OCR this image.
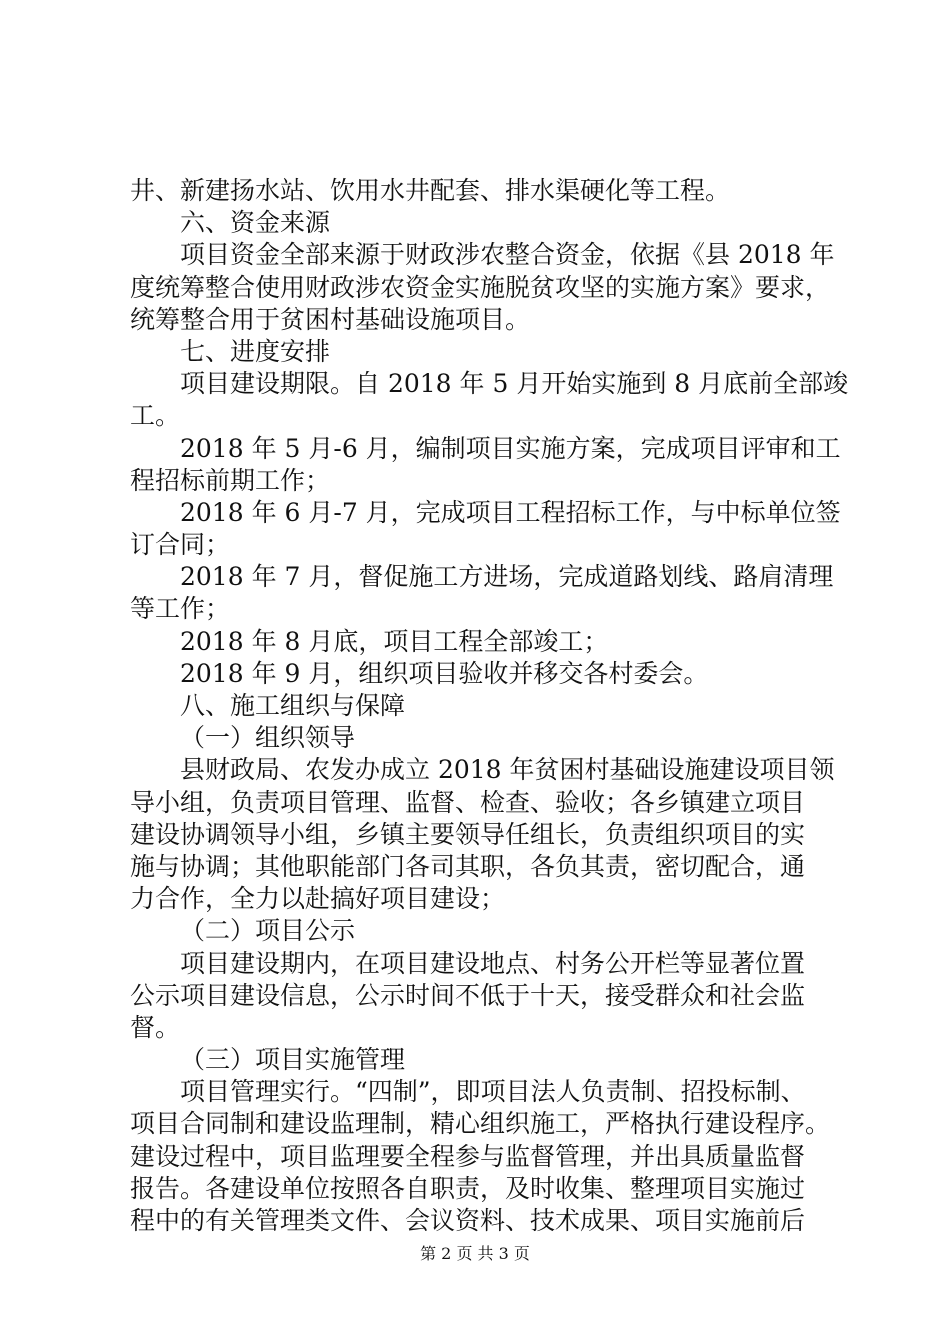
井、新建扬水站、饮用水井配套、排水渠硬化等工程。
六、资金来源
项目资金全部来源于财政涉农整合资金，依据《县 2018 年
度统筹整合使用财政涉农资金实施脱贫攻坚的实施方案》要求，
统筹整合用于贫困村基础设施项目。
七、进度安排
项目建设期限。自 2018 年 5 月开始实施到 8 月底前全部竣
工。
2018 年 5 月-6 月，编制项目实施方案，完成项目评审和工
程招标前期工作；
2018 年 6 月-7 月，完成项目工程招标工作，与中标单位签
订合同；
2018 年 7 月，督促施工方进场，完成道路划线、路肩清理
等工作；
2018 年 8 月底，项目工程全部竣工；
2018 年 9 月，组织项目验收并移交各村委会。
八、施工组织与保障
（一）组织领导
县财政局、农发办成立 2018 年贫困村基础设施建设项目领
导小组，负责项目管理、监督、检查、验收；各乡镇建立项目
建设协调领导小组，乡镇主要领导任组长，负责组织项目的实
施与协调；其他职能部门各司其职，各负其责，密切配合，通
力合作，全力以赴搞好项目建设；
（二）项目公示
项目建设期内，在项目建设地点、村务公开栏等显著位置
公示项目建设信息，公示时间不低于十天，接受群众和社会监
督。
（三）项目实施管理
项目管理实行。“四制”，即项目法人负责制、招投标制、
项目合同制和建设监理制，精心组织施工，严格执行建设程序。
建设过程中，项目监理要全程参与监督管理，并出具质量监督
报告。各建设单位按照各自职责，及时收集、整理项目实施过
程中的有关管理类文件、会议资料、技术成果、项目实施前后
第 2 页 共 3 页
